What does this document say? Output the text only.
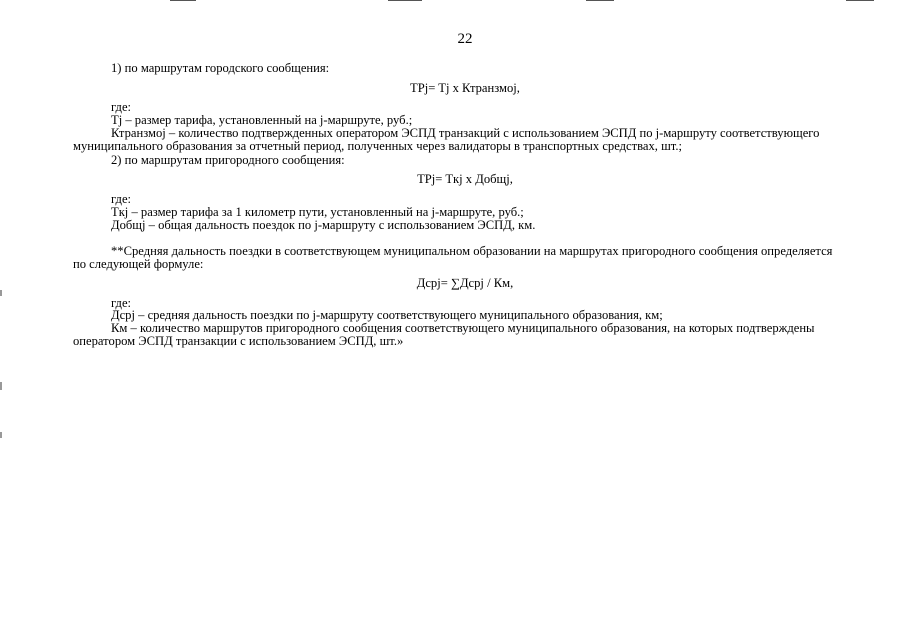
22
1) по маршрутам городского сообщения:
TPj= Tj x Ктранзмоj,
где:
Tj – размер тарифа, установленный на j-маршруте, руб.;
Ктранзмоj – количество подтвержденных оператором ЭСПД транзакций с использованием ЭСПД по j-маршруту соответствующего
муниципального образования за отчетный период, полученных через валидаторы в транспортных средствах, шт.;
2) по маршрутам пригородного сообщения:
TPj= Tкj x Добщj,
где:
Tкj – размер тарифа за 1 километр пути, установленный на j-маршруте, руб.;
Добщj – общая дальность поездок по j-маршруту с использованием ЭСПД, км.
**Средняя дальность поездки в соответствующем муниципальном образовании на маршрутах пригородного сообщения определяется
по следующей формуле:
Дсрj= ∑Дсрj / Км,
где:
Дсрj – средняя дальность поездки по j-маршруту соответствующего муниципального образования, км;
Км – количество маршрутов пригородного сообщения соответствующего муниципального образования, на которых подтверждены
оператором ЭСПД транзакции с использованием ЭСПД, шт.»
